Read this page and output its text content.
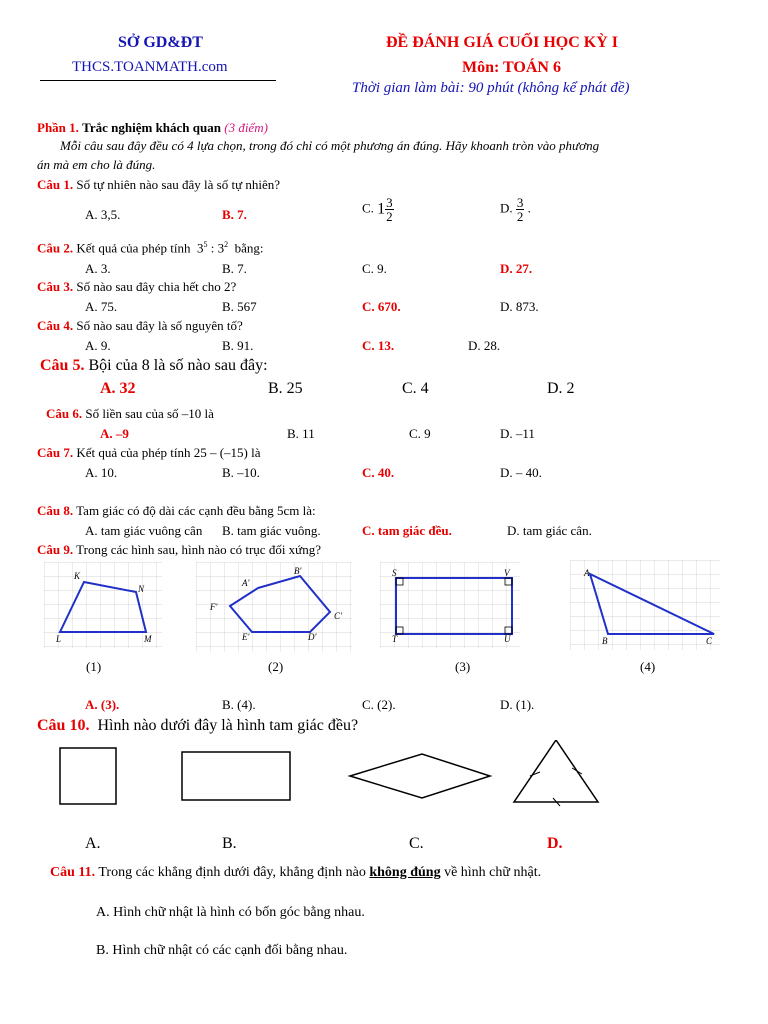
SỞ GD&ĐT
THCS.TOANMATH.com
ĐỀ ĐÁNH GIÁ CUỐI HỌC KỲ I
Môn: TOÁN 6
Thời gian làm bài: 90 phút (không kể phát đề)
Phần 1. Trắc nghiệm khách quan (3 điểm)
Mỗi câu sau đây đều có 4 lựa chọn, trong đó chỉ có một phương án đúng. Hãy khoanh tròn vào phương
án mà em cho là đúng.
Câu 1. Số tự nhiên nào sau đây là số tự nhiên?
A. 3,5.	B. 7.	C. $1 \frac{3}{2}$	D. $\frac{3}{2}$ .
Câu 2. Kết quả của phép tính $3^5$ : $3^2$ bằng:
A. 3.	B. 7.	C. 9.	D. 27.
Câu 3. Số nào sau đây chia hết cho 2?
A. 75.	B. 567	C. 670.	D. 873.
Câu 4. Số nào sau đây là số nguyên tố?
A. 9.	B. 91.	C. 13.	D. 28.
Câu 5. Bội của 8 là số nào sau đây:
A. 32	B. 25	C. 4	D. 2
Câu 6. Số liền sau của số –10 là
A. –9	B. 11	C. 9	D. –11
Câu 7. Kết quả của phép tính 25 – (–15) là
A. 10.	B. –10.	C. 40.	D. – 40.
Câu 8. Tam giác có độ dài các cạnh đều bằng 5cm là:
A. tam giác vuông cân B. tam giác vuông.	C. tam giác đều.	D. tam giác cân.
Câu 9. Trong các hình sau, hình nào có trục đối xứng?
K
N
L	M
A'
B'
F'
C'
E'	D'
S	V
T	U
A
B	C
(1)	(2)	(3)	(4)
A. (3).	B. (4).	C. (2).	D. (1).
Câu 10. Hình nào dưới đây là hình tam giác đều?
A.	B.	C.	D.
Câu 11. Trong các khẳng định dưới đây, khẳng định nào không đúng về hình chữ nhật.
A. Hình chữ nhật là hình có bốn góc bằng nhau.
B. Hình chữ nhật có các cạnh đối bằng nhau.
